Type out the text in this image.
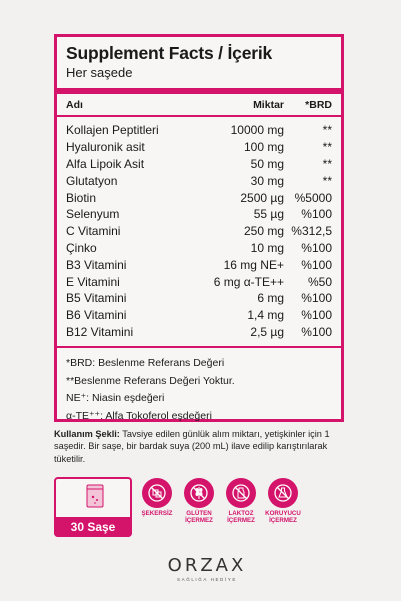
Supplement Facts / İçerik
Her saşede
Adı	Miktar	*BRD
Kollajen Peptitleri	10000 mg	**
Hyaluronik asit	100 mg	**
Alfa Lipoik Asit	50 mg	**
Glutatyon	30 mg	**
Biotin	2500 µg %5000
Selenyum	55 µg	%100
C Vitamini	250 mg %312,5
Çinko	10 mg	%100
B3 Vitamini	16 mg NE+	%100
E Vitamini	6 mg α-TE++	%50
B5 Vitamini	6 mg	%100
B6 Vitamini	1,4 mg	%100
B12 Vitamini	2,5 µg	%100
*BRD: Beslenme Referans Değeri
**Beslenme Referans Değeri Yoktur.
NE⁺: Niasin eşdeğeri
α-TE⁺⁺: Alfa Tokoferol eşdeğeri
Kullanım Şekli: Tavsiye edilen günlük alım miktarı, yetişkinler için 1 saşedir. Bir saşe, bir bardak suya (200 mL) ilave edilip karıştırılarak tüketilir.
30 Saşe
ŞEKERSİZ	GLÜTEN İÇERMEZ
LAKTOZ İÇERMEZ
KORUYUCU İÇERMEZ
ORZAX
SAĞLIĞA HEDİYE
